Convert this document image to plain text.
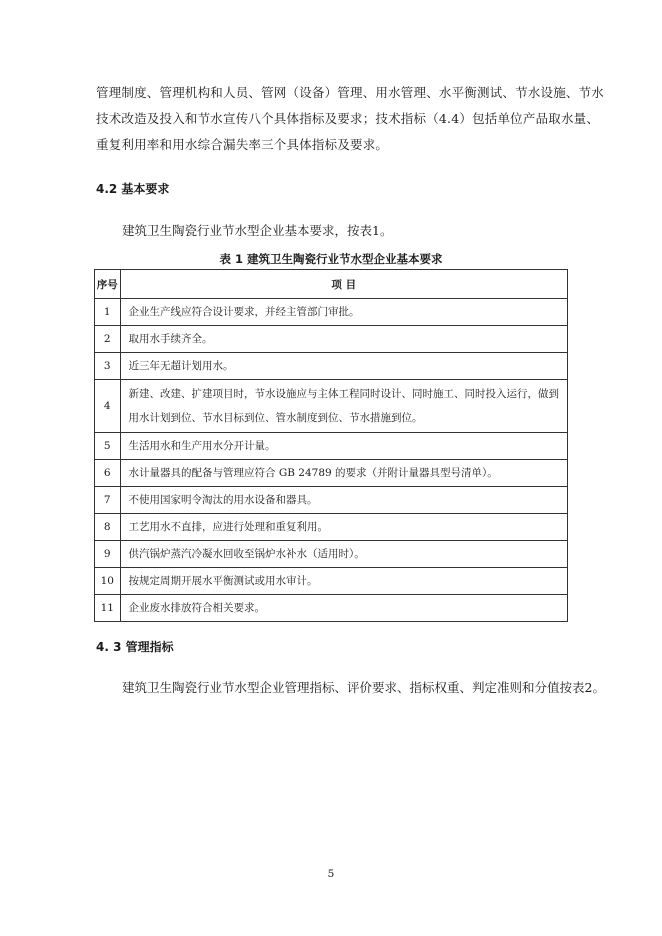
管理制度、管理机构和人员、管网（设备）管理、用水管理、水平衡测试、节水设施、节水
技术改造及投入和节水宣传八个具体指标及要求；技术指标（4.4）包括单位产品取水量、
重复利用率和用水综合漏失率三个具体指标及要求。

4.2 基本要求

建筑卫生陶瓷行业节水型企业基本要求，按表1。

表 1 建筑卫生陶瓷行业节水型企业基本要求
序号	项 目
1	企业生产线应符合设计要求，并经主管部门审批。
2	取用水手续齐全。
3	近三年无超计划用水。
4	新建、改建、扩建项目时，节水设施应与主体工程同时设计、同时施工、同时投入运行，做到
用水计划到位、节水目标到位、管水制度到位、节水措施到位。

5	生活用水和生产用水分开计量。
6	水计量器具的配备与管理应符合 GB 24789 的要求（并附计量器具型号清单）。
7	不使用国家明令淘汰的用水设备和器具。
8	工艺用水不直排，应进行处理和重复利用。
9	供汽锅炉蒸汽冷凝水回收至锅炉水补水（适用时）。
10	按规定周期开展水平衡测试或用水审计。
11	企业废水排放符合相关要求。
4. 3 管理指标

建筑卫生陶瓷行业节水型企业管理指标、评价要求、指标权重、判定准则和分值按表2。

5
